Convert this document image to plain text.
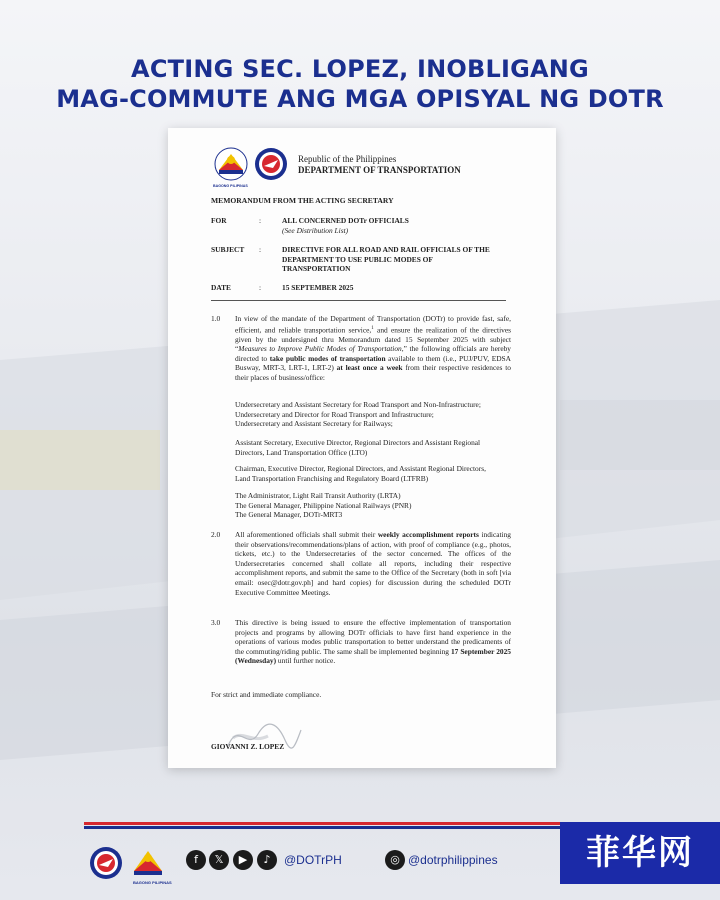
ACTING SEC. LOPEZ, INOBLIGANG
MAG-COMMUTE ANG MGA OPISYAL NG DOTR
BAGONG PILIPINAS
Republic of the Philippines
DEPARTMENT OF TRANSPORTATION
MEMORANDUM FROM THE ACTING SECRETARY
FOR	:	ALL CONCERNED DOTr OFFICIALS
(See Distribution List)
SUBJECT	:	DIRECTIVE FOR ALL ROAD AND RAIL OFFICIALS OF THE DEPARTMENT TO USE PUBLIC MODES OF TRANSPORTATION
DATE	:	15 SEPTEMBER 2025
1.0 In view of the mandate of the Department of Transportation (DOTr) to provide fast, safe, efficient, and reliable transportation service,$^1$ and ensure the realization of the directives given by the undersigned thru Memorandum dated 15 September 2025 with subject “Measures to Improve Public Modes of Transportation,” the following officials are hereby directed to take public modes of transportation available to them (i.e., PUJ/PUV, EDSA Busway, MRT-3, LRT-1, LRT-2) at least once a week from their respective residences to their places of business/office:
Undersecretary and Assistant Secretary for Road Transport and Non-Infrastructure;
Undersecretary and Director for Road Transport and Infrastructure;
Undersecretary and Assistant Secretary for Railways;
Assistant Secretary, Executive Director, Regional Directors and Assistant Regional
Directors, Land Transportation Office (LTO)
Chairman, Executive Director, Regional Directors, and Assistant Regional Directors,
Land Transportation Franchising and Regulatory Board (LTFRB)
The Administrator, Light Rail Transit Authority (LRTA)
The General Manager, Philippine National Railways (PNR)
The General Manager, DOTr-MRT3
2.0 All aforementioned officials shall submit their weekly accomplishment reports indicating their observations/recommendations/plans of action, with proof of compliance (e.g., photos, tickets, etc.) to the Undersecretaries of the sector concerned. The offices of the Undersecretaries concerned shall collate all reports, including their respective accomplishment reports, and submit the same to the Office of the Secretary (both in soft [via email: osec@dotr.gov.ph] and hard copies) for discussion during the scheduled DOTr Executive Committee Meetings.
3.0 This directive is being issued to ensure the effective implementation of transportation projects and programs by allowing DOTr officials to have first hand experience in the operations of various modes public transportation to better understand the predicaments of the commuting/riding public. The same shall be implemented beginning 17 September 2025 (Wednesday) until further notice.
For strict and immediate compliance.
GIOVANNI Z. LOPEZ
BAGONG PILIPINAS
f	𝕏	▶	♪	@DOTrPH	◎ @dotrphilippines	菲华网
